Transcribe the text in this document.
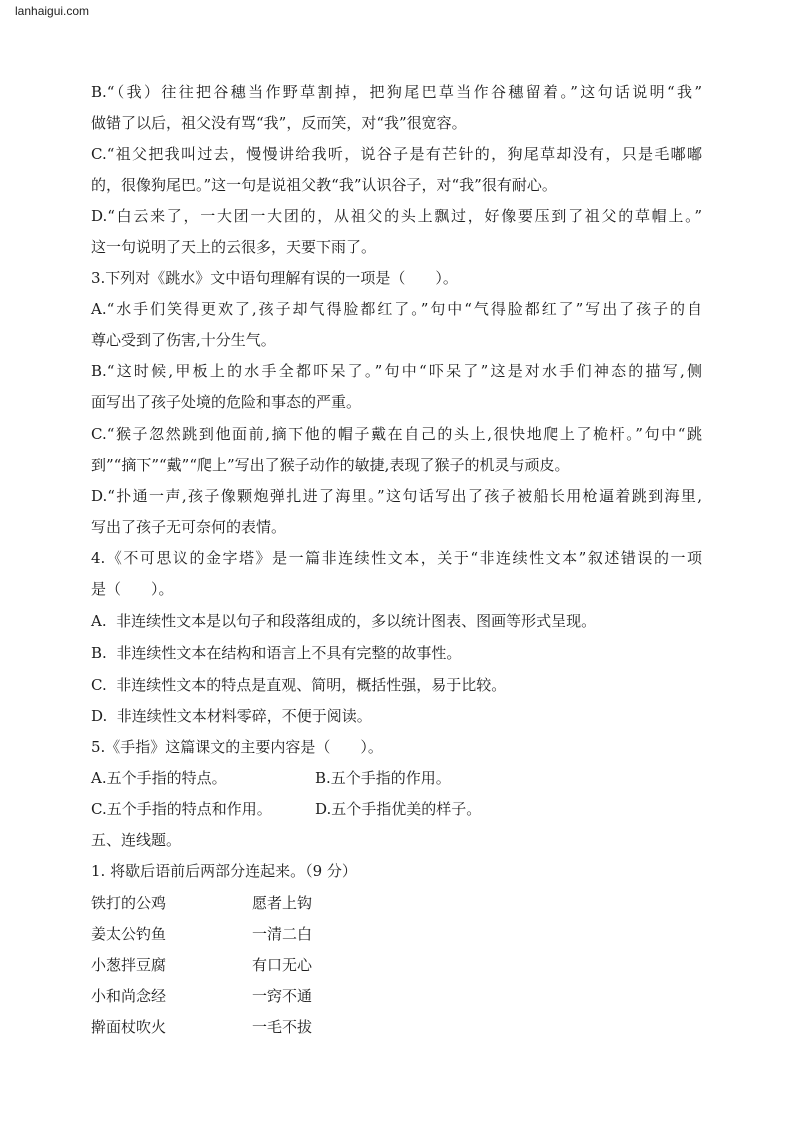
lanhaigui.com
B.“（我）往往把谷穗当作野草割掉，把狗尾巴草当作谷穗留着。”这句话说明“我”
做错了以后，祖父没有骂“我”，反而笑，对“我”很宽容。
C.“祖父把我叫过去，慢慢讲给我听，说谷子是有芒针的，狗尾草却没有，只是毛嘟嘟
的，很像狗尾巴。”这一句是说祖父教“我”认识谷子，对“我”很有耐心。
D.“白云来了，一大团一大团的，从祖父的头上飘过，好像要压到了祖父的草帽上。”
这一句说明了天上的云很多，天要下雨了。
3.下列对《跳水》文中语句理解有误的一项是（　　）。
A.“水手们笑得更欢了,孩子却气得脸都红了。”句中“气得脸都红了”写出了孩子的自
尊心受到了伤害,十分生气。
B.“这时候,甲板上的水手全都吓呆了。”句中“吓呆了”这是对水手们神态的描写,侧
面写出了孩子处境的危险和事态的严重。
C.“猴子忽然跳到他面前,摘下他的帽子戴在自己的头上,很快地爬上了桅杆。”句中“跳
到”“摘下”“戴”“爬上”写出了猴子动作的敏捷,表现了猴子的机灵与顽皮。
D.“扑通一声,孩子像颗炮弹扎进了海里。”这句话写出了孩子被船长用枪逼着跳到海里,
写出了孩子无可奈何的表情。
4.《不可思议的金字塔》是一篇非连续性文本，关于“非连续性文本”叙述错误的一项
是（　　）。
A.  非连续性文本是以句子和段落组成的，多以统计图表、图画等形式呈现。
B.  非连续性文本在结构和语言上不具有完整的故事性。
C.  非连续性文本的特点是直观、简明，概括性强，易于比较。
D.  非连续性文本材料零碎，不便于阅读。
5.《手指》这篇课文的主要内容是（　　）。
A.五个手指的特点。	B.五个手指的作用。
C.五个手指的特点和作用。	D.五个手指优美的样子。
五、连线题。
1. 将歇后语前后两部分连起来。（9 分）
铁打的公鸡	愿者上钩
姜太公钓鱼	一清二白
小葱拌豆腐	有口无心
小和尚念经	一窍不通
擀面杖吹火	一毛不拔
